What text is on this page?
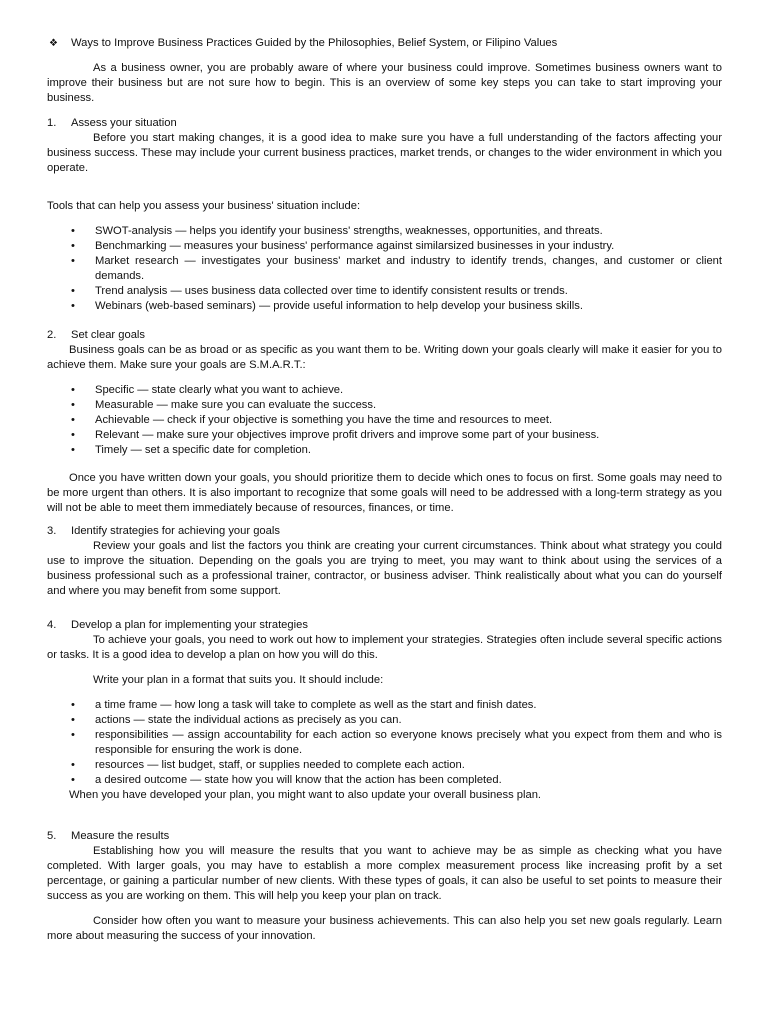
❖ Ways to Improve Business Practices Guided by the Philosophies, Belief System, or Filipino Values

As a business owner, you are probably aware of where your business could improve. Sometimes business owners want to improve their business but are not sure how to begin. This is an overview of some key steps you can take to start improving your business.

1. Assess your situation

Before you start making changes, it is a good idea to make sure you have a full understanding of the factors affecting your business success. These may include your current business practices, market trends, or changes to the wider environment in which you operate.

Tools that can help you assess your business' situation include:

• SWOT-analysis — helps you identify your business' strengths, weaknesses, opportunities, and threats.
• Benchmarking — measures your business' performance against similarsized businesses in your industry.
• Market research — investigates your business' market and industry to identify trends, changes, and customer or client demands.
• Trend analysis — uses business data collected over time to identify consistent results or trends.
• Webinars (web-based seminars) — provide useful information to help develop your business skills.

2. Set clear goals

Business goals can be as broad or as specific as you want them to be. Writing down your goals clearly will make it easier for you to achieve them. Make sure your goals are S.M.A.R.T.:

• Specific — state clearly what you want to achieve.
• Measurable — make sure you can evaluate the success.
• Achievable — check if your objective is something you have the time and resources to meet.
• Relevant — make sure your objectives improve profit drivers and improve some part of your business.
• Timely — set a specific date for completion.

Once you have written down your goals, you should prioritize them to decide which ones to focus on first. Some goals may need to be more urgent than others. It is also important to recognize that some goals will need to be addressed with a long-term strategy as you will not be able to meet them immediately because of resources, finances, or time.

3. Identify strategies for achieving your goals

Review your goals and list the factors you think are creating your current circumstances. Think about what strategy you could use to improve the situation. Depending on the goals you are trying to meet, you may want to think about using the services of a business professional such as a professional trainer, contractor, or business adviser. Think realistically about what you can do yourself and where you may benefit from some support.

4. Develop a plan for implementing your strategies

To achieve your goals, you need to work out how to implement your strategies. Strategies often include several specific actions or tasks. It is a good idea to develop a plan on how you will do this.

Write your plan in a format that suits you. It should include:

• a time frame — how long a task will take to complete as well as the start and finish dates.
• actions — state the individual actions as precisely as you can.
• responsibilities — assign accountability for each action so everyone knows precisely what you expect from them and who is responsible for ensuring the work is done.
• resources — list budget, staff, or supplies needed to complete each action.
• a desired outcome — state how you will know that the action has been completed.

When you have developed your plan, you might want to also update your overall business plan.

5. Measure the results

Establishing how you will measure the results that you want to achieve may be as simple as checking what you have completed. With larger goals, you may have to establish a more complex measurement process like increasing profit by a set percentage, or gaining a particular number of new clients. With these types of goals, it can also be useful to set points to measure their success as you are working on them. This will help you keep your plan on track.

Consider how often you want to measure your business achievements. This can also help you set new goals regularly. Learn more about measuring the success of your innovation.
